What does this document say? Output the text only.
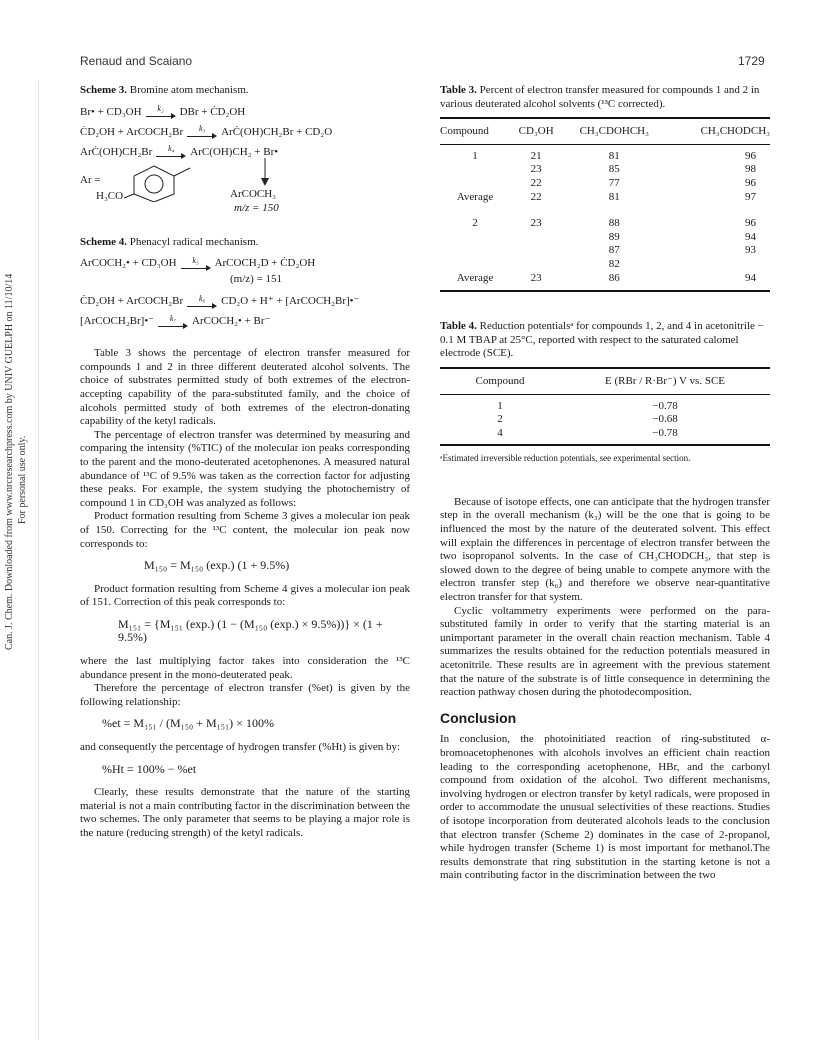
Renaud and Scaiano	1729
Can. J. Chem. Downloaded from www.nrcresearchpress.com by UNIV GUELPH on 11/10/14 For personal use only.
Scheme 3. Bromine atom mechanism.
Br• + CD₃OH	k₂	DBr + ĊD₂OH
ĊD₂OH + ArCOCH₂Br	k₃	ArĊ(OH)CH₂Br + CD₂O
ArĊ(OH)CH₂Br	k₄	ArC(OH)CH₂ + Br•
Ar =
H₃CO	ArCOCH₃
m/z = 150
Scheme 4. Phenacyl radical mechanism.
ArCOCH₂• + CD₃OH	k₅	ArCOCH₂D + ĊD₂OH
(m/z) = 151
ĊD₂OH + ArCOCH₂Br	k₆	CD₂O + H⁺ + [ArCOCH₂Br]•⁻
[ArCOCH₂Br]•⁻	k₇	ArCOCH₂• + Br⁻

Table 3 shows the percentage of electron transfer measured for compounds 1 and 2 in three different deuterated alcohol solvents. The choice of substrates permitted study of both extremes of the electron-accepting capability of the para-substituted family, and the choice of alcohols permitted study of both extremes of the electron-donating capability of the ketyl radicals.

The percentage of electron transfer was determined by measuring and comparing the intensity (%TIC) of the molecular ion peaks corresponding to the parent and the mono-deuterated acetophenones. A measured natural abundance of ¹³C of 9.5% was taken as the correction factor for adjusting these peaks. For example, the system studying the photochemistry of compound 1 in CD₃OH was analyzed as follows:

Product formation resulting from Scheme 3 gives a molecular ion peak of 150. Correcting for the ¹³C content, the molecular ion peak now corresponds to:

M₁₅₀ = M₁₅₀ (exp.) (1 + 9.5%)

Product formation resulting from Scheme 4 gives a molecular ion peak of 151. Correction of this peak corresponds to:

M₁₅₁ = {M₁₅₁ (exp.) (1 − (M₁₅₀ (exp.) × 9.5%))} × (1 + 9.5%)

where the last multiplying factor takes into consideration the ¹³C abundance present in the mono-deuterated peak.

Therefore the percentage of electron transfer (%et) is given by the following relationship:

%et = M₁₅₁ / (M₁₅₀ + M₁₅₁) × 100%

and consequently the percentage of hydrogen transfer (%Ht) is given by:

%Ht = 100% − %et

Clearly, these results demonstrate that the nature of the starting material is not a main contributing factor in the discrimination between the two schemes. The only parameter that seems to be playing a major role is the nature (reducing strength) of the ketyl radicals.

Table 3. Percent of electron transfer measured for compounds 1 and 2 in various deuterated alcohol solvents (¹³C corrected).
Compound	CD₃OH	CH₃CDOHCH₃	CH₃CHODCH₃
1	21	81	96
	23	85	98
	22	77	96
Average	22	81	97

2	23	88	96
		89	94
		87	93
		82	
Average	23	86	94
Table 4. Reduction potentialsᵃ for compounds 1, 2, and 4 in acetonitrile − 0.1 M TBAP at 25°C, reported with respect to the saturated calomel electrode (SCE).
Compound	E (RBr / R·Br⁻) V vs. SCE
1	−0.78
2	−0.68
4	−0.78
ᵃEstimated irreversible reduction potentials, see experimental section.

Because of isotope effects, one can anticipate that the hydrogen transfer step in the overall mechanism (k₃) will be the one that is going to be influenced the most by the nature of the deuterated solvent. This effect will explain the differences in percentage of electron transfer between the two isopropanol solvents. In the case of CH₃CHODCH₃, that step is slowed down to the degree of being unable to compete anymore with the electron transfer step (k₆) and therefore we observe near-quantitative electron transfer for that system.

Cyclic voltammetry experiments were performed on the para-substituted family in order to verify that the starting material is an unimportant parameter in the overall chain reaction mechanism. Table 4 summarizes the results obtained for the reduction potentials measured in acetonitrile. These results are in agreement with the previous statement that the nature of the substrate is of little consequence in determining the reaction pathway chosen during the photodecomposition.

Conclusion

In conclusion, the photoinitiated reaction of ring-substituted α-bromoacetophenones with alcohols involves an efficient chain reaction leading to the corresponding acetophenone, HBr, and the carbonyl compound from oxidation of the alcohol. Two different mechanisms, involving hydrogen or electron transfer by ketyl radicals, were proposed in order to accommodate the unusual selectivities of these reactions. Studies of isotope incorporation from deuterated alcohols leads to the conclusion that electron transfer (Scheme 2) dominates in the case of 2-propanol, while hydrogen transfer (Scheme 1) is most important for methanol.The results demonstrate that ring substitution in the starting ketone is not a main contributing factor in the discrimination between the two
